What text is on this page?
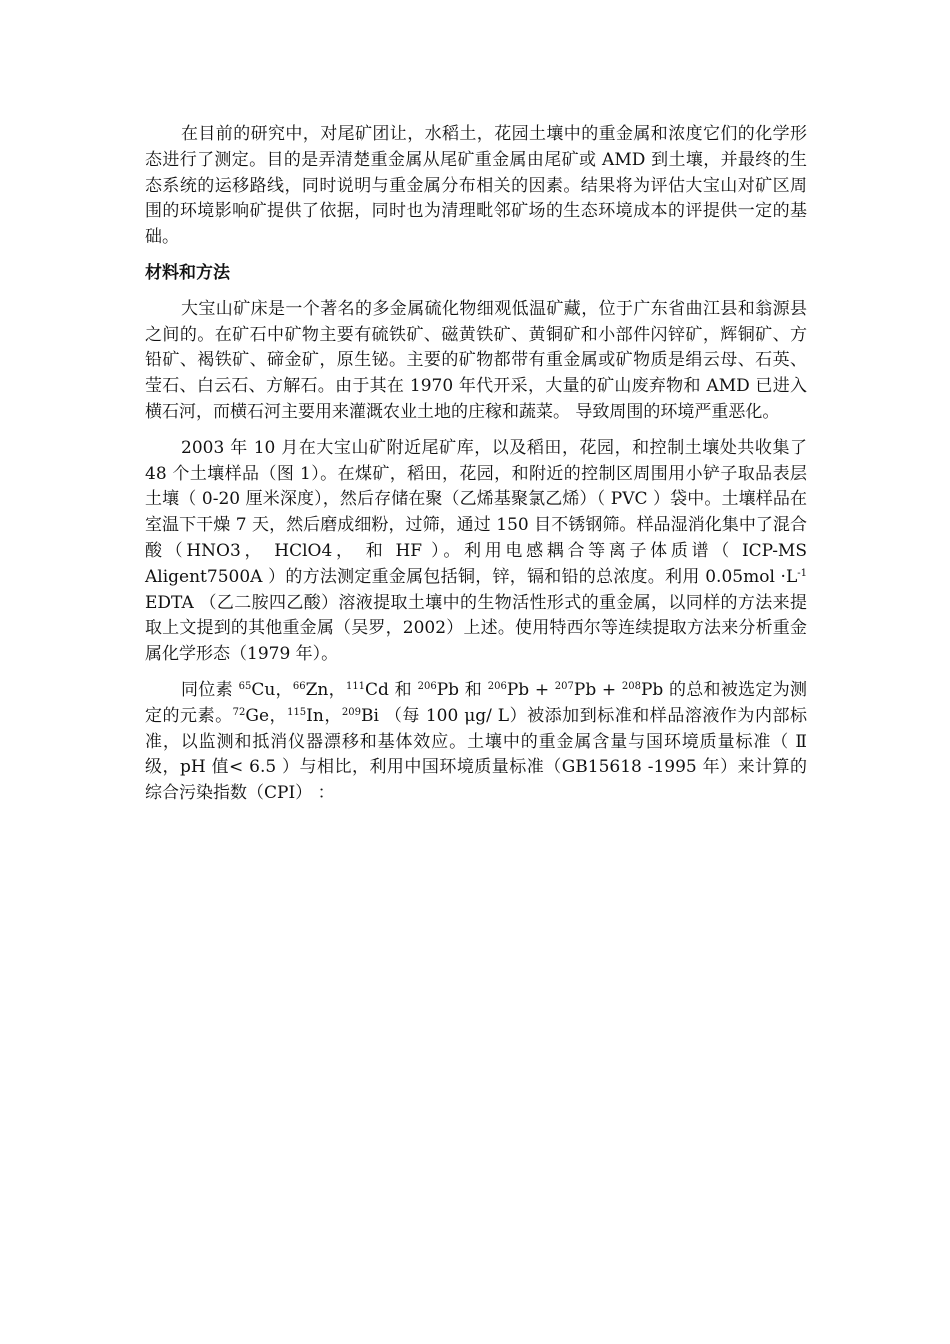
在目前的研究中，对尾矿团让，水稻土，花园土壤中的重金属和浓度它们的化学形态进行了测定。目的是弄清楚重金属从尾矿重金属由尾矿或 AMD 到土壤，并最终的生态系统的运移路线，同时说明与重金属分布相关的因素。结果将为评估大宝山对矿区周围的环境影响矿提供了依据，同时也为清理毗邻矿场的生态环境成本的评提供一定的基础。

材料和方法

大宝山矿床是一个著名的多金属硫化物细观低温矿藏，位于广东省曲江县和翁源县之间的。在矿石中矿物主要有硫铁矿、磁黄铁矿、黄铜矿和小部件闪锌矿，辉铜矿、方铅矿、褐铁矿、碲金矿，原生铋。主要的矿物都带有重金属或矿物质是绢云母、石英、莹石、白云石、方解石。由于其在 1970 年代开采，大量的矿山废弃物和 AMD 已进入横石河，而横石河主要用来灌溉农业土地的庄稼和蔬菜。 导致周围的环境严重恶化。

2003 年 10 月在大宝山矿附近尾矿库，以及稻田，花园，和控制土壤处共收集了 48 个土壤样品（图 1）。在煤矿，稻田，花园，和附近的控制区周围用小铲子取品表层土壤（ 0-20 厘米深度），然后存储在聚（乙烯基聚氯乙烯）（ PVC ）袋中。土壤样品在室温下干燥 7 天，然后磨成细粉，过筛，通过 150 目不锈钢筛。样品湿消化集中了混合酸（HNO3， HClO4， 和 HF ）。利用电感耦合等离子体质谱（ ICP-MS Aligent7500A ）的方法测定重金属包括铜，锌，镉和铅的总浓度。利用 $0.05mol \cdot L^{-1}$ EDTA （乙二胺四乙酸）溶液提取土壤中的生物活性形式的重金属，以同样的方法来提取上文提到的其他重金属（吴罗，2002）上述。使用特西尔等连续提取方法来分析重金属化学形态（1979 年）。

同位素 $^{65}$Cu，$^{66}$Zn，$^{111}$Cd 和 $^{206}$Pb 和 $^{206}$Pb + $^{207}$Pb + $^{208}$Pb 的总和被选定为测定的元素。$^{72}$Ge，$^{115}$In，$^{209}$Bi （每 100 μg/ L）被添加到标准和样品溶液作为内部标准，以监测和抵消仪器漂移和基体效应。土壤中的重金属含量与国环境质量标准（ Ⅱ级，pH 值< 6.5 ）与相比，利用中国环境质量标准（GB15618 -1995 年）来计算的综合污染指数（CPI） ：
